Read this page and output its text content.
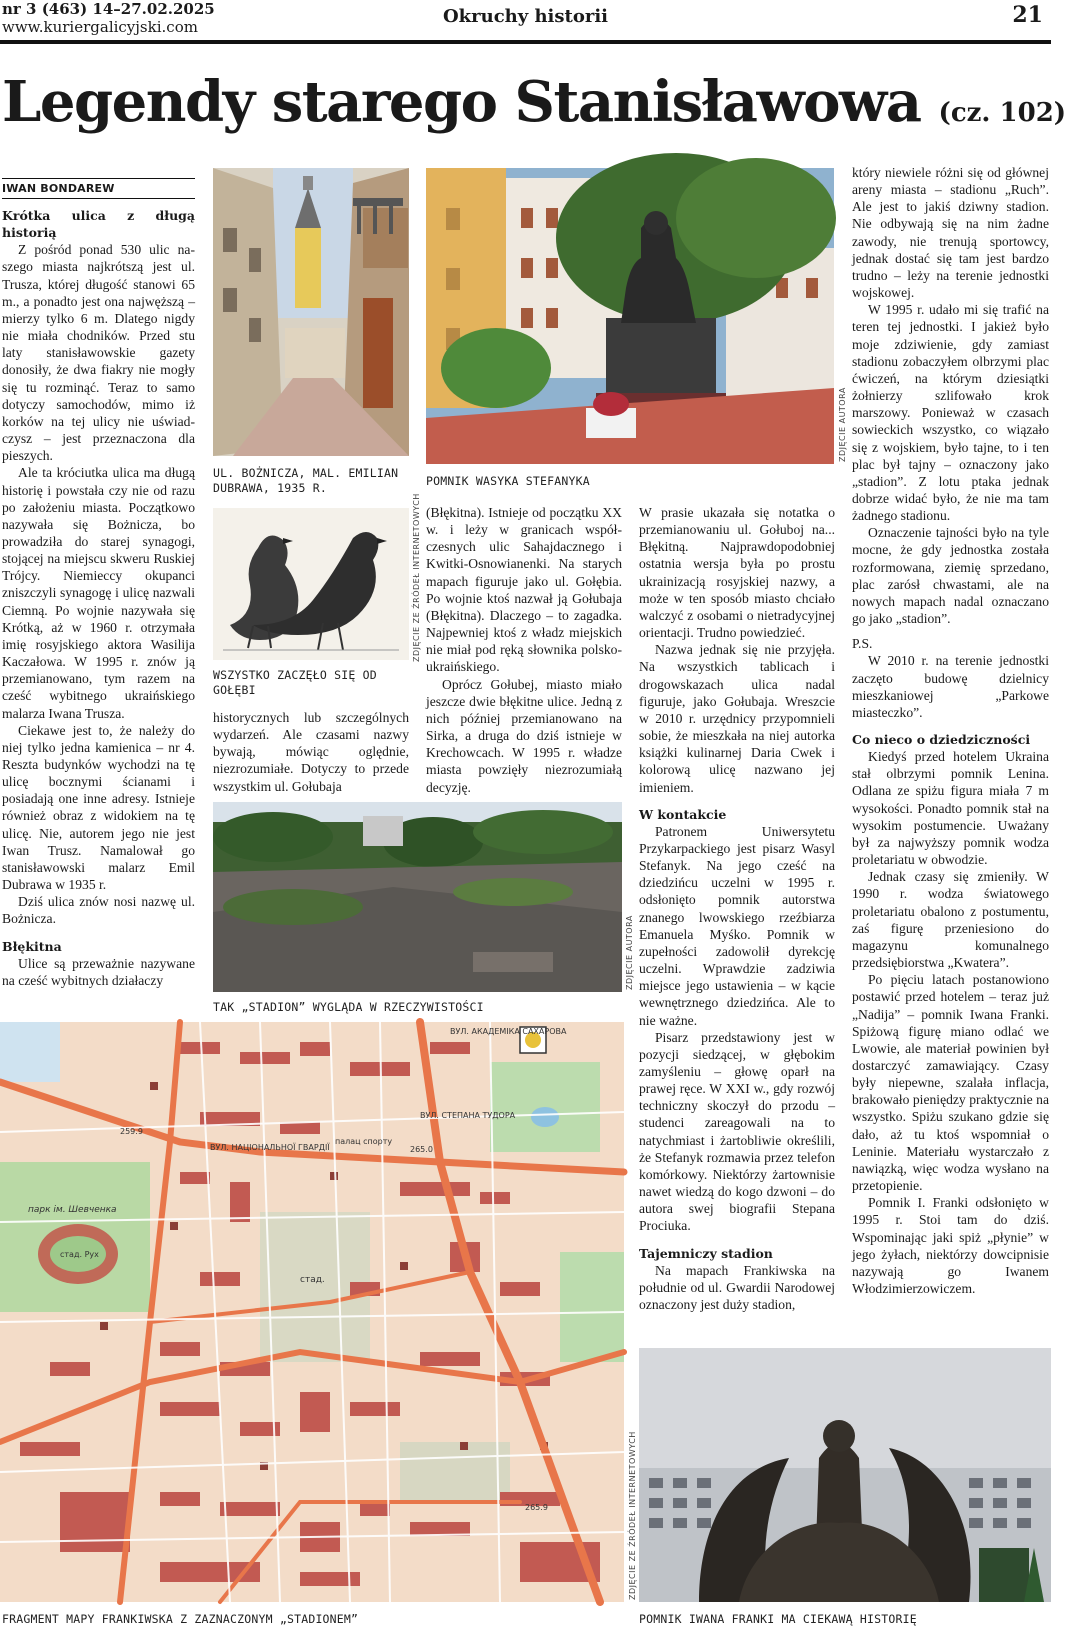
nr 3 (463) 14–27.02.2025
www.kuriergalicyjski.com	Okruchy historii	21
Legendy starego Stanisławowa (cz. 102)
IWAN BONDAREW
Krótka ulica z długą historią

Z pośród ponad 530 ulic naszego miasta najkrótszą jest ul. Trusza, której długość stanowi 65 m., a ponadto jest ona najwęższą – mierzy tylko 6 m. Dlatego nigdy nie miała chodników. Przed stu laty stanisławowskie gazety donosiły, że dwa fiakry nie mogły się tu rozminąć. Teraz to samo dotyczy samochodów, mimo iż korków na tej ulicy nie uświadczysz – jest przeznaczona dla pieszych.

Ale ta króciutka ulica ma długą historię i powstała czy nie od razu po założeniu miasta. Początkowo nazywała się Bożnicza, bo prowadziła do starej synagogi, stojącej na miejscu skweru Ruskiej Trójcy. Niemieccy okupanci zniszczyli synagogę i ulicę nazwali Ciemną. Po wojnie nazywała się Krótką, aż w 1960 r. otrzymała imię rosyjskiego aktora Wasilija Kaczałowa. W 1995 r. znów ją przemianowano, tym razem na cześć wybitnego ukraińskiego malarza Iwana Trusza.

Ciekawe jest to, że należy do niej tylko jedna kamienica – nr 4. Reszta budynków wychodzi na tę ulicę bocznymi ścianami i posiadają one inne adresy. Istnieje również obraz z widokiem na tę ulicę. Nie, autorem jego nie jest Iwan Trusz. Namalował go stanisławowski malarz Emil Dubrawa w 1935 r.

Dziś ulica znów nosi nazwę ul. Bożnicza.

Błękitna

Ulice są przeważnie nazywane na cześć wybitnych działaczy

UL. BOŻNICZA, MAL. EMILIAN DUBRAWA, 1935 R.
ZDJĘCIE AUTORA
POMNIK WASYKA STEFANYKA
ZDJĘCIE ZE ŹRÓDEŁ INTERNETOWYCH
WSZYSTKO ZACZĘŁO SIĘ OD GOŁĘBI

historycznych lub szczególnych wydarzeń. Ale czasami nazwy bywają, mówiąc oględnie, niezrozumiałe. Dotyczy to przede wszystkim ul. Gołubaja

(Błękitna). Istnieje od początku XX w. i leży w granicach współczesnych ulic Sahajdacznego i Kwitki-Osnowianenki. Na starych mapach figuruje jako ul. Gołębia. Po wojnie ktoś nazwał ją Gołubaja (Błękitna). Dlaczego – to zagadka. Najpewniej ktoś z władz miejskich nie miał pod ręką słownika polsko-ukraińskiego.

Oprócz Gołubej, miasto miało jeszcze dwie błękitne ulice. Jedną z nich później przemianowano na Sirka, a druga do dziś istnieje w Krechowcach. W 1995 r. władze miasta powzięły niezrozumiałą decyzję.

ZDJĘCIE AUTORA
TAK „STADION” WYGLĄDA W RZECZYWISTOŚCI

W prasie ukazała się notatka o przemianowaniu ul. Gołuboj na... Błękitną. Najprawdopodobniej ostatnia wersja była po prostu ukrainizacją rosyjskiej nazwy, a może w ten sposób miasto chciało walczyć z osobami o nietradycyjnej orientacji. Trudno powiedzieć.

Nazwa jednak się nie przyjęła. Na wszystkich tablicach i drogowskazach ulica nadal figuruje, jako Gołubaja. Wreszcie w 2010 r. urzędnicy przypomnieli sobie, że mieszkała na niej autorka książki kulinarnej Daria Cwek i kolorową ulicę nazwano jej imieniem.

W kontakcie

Patronem Uniwersytetu Przykarpackiego jest pisarz Wasyl Stefanyk. Na jego cześć na dziedzińcu uczelni w 1995 r. odsłonięto pomnik autorstwa znanego lwowskiego rzeźbiarza Emanuela Myśko. Pomnik w zupełności zadowolił dyrekcję uczelni. Wprawdzie zadziwia miejsce jego ustawienia – w kącie wewnętrznego dziedzińca. Ale to nie ważne.

Pisarz przedstawiony jest w pozycji siedzącej, w głębokim zamyśleniu – głowę oparł na prawej ręce. W XXI w., gdy rozwój techniczny skoczył do przodu – studenci zareagowali na to natychmiast i żartobliwie określili, że Stefanyk rozmawia przez telefon komórkowy. Niektórzy żartownisie nawet wiedzą do kogo dzwoni – do autora swej biografii Stepana Prociuka.

Tajemniczy stadion

Na mapach Frankiwska na południe od ul. Gwardii Narodowej oznaczony jest duży stadion,

który niewiele różni się od głównej areny miasta – stadionu „Ruch”. Ale jest to jakiś dziwny stadion. Nie odbywają się na nim żadne zawody, nie trenują sportowcy, jednak dostać się tam jest bardzo trudno – leży na terenie jednostki wojskowej.

W 1995 r. udało mi się trafić na teren tej jednostki. I jakież było moje zdziwienie, gdy zamiast stadionu zobaczyłem olbrzymi plac ćwiczeń, na którym dziesiątki żołnierzy szlifowało krok marszowy. Ponieważ w czasach sowieckich wszystko, co wiązało się z wojskiem, było tajne, to i ten plac był tajny – oznaczony jako „stadion”. Z lotu ptaka jednak dobrze widać było, że nie ma tam żadnego stadionu.

Oznaczenie tajności było na tyle mocne, że gdy jednostka została rozformowana, ziemię sprzedano, plac zarósł chwastami, ale na nowych mapach nadal oznaczano go jako „stadion”.

P.S.

W 2010 r. na terenie jednostki zaczęto budowę dzielnicy mieszkaniowej „Parkowe miasteczko”.

Co nieco o dziedziczności

Kiedyś przed hotelem Ukraina stał olbrzymi pomnik Lenina. Odlana ze spiżu figura miała 7 m wysokości. Ponadto pomnik stał na wysokim postumencie. Uważany był za najwyższy pomnik wodza proletariatu w obwodzie.

Jednak czasy się zmieniły. W 1990 r. wodza światowego proletariatu obalono z postumentu, zaś figurę przeniesiono do magazynu komunalnego przedsiębiorstwa „Kwatera”.

Po pięciu latach postanowiono postawić przed hotelem – teraz już „Nadija” – pomnik Iwana Franki. Spiżową figurę miano odlać we Lwowie, ale materiał powinien był dostarczyć zamawiający. Czasy były niepewne, szalała inflacja, brakowało pieniędzy praktycznie na wszystko. Spiżu szukano gdzie się dało, aż tu ktoś wspomniał o Leninie. Materiału wystarczało z nawiązką, więc wodza wysłano na przetopienie.

Pomnik I. Franki odsłonięto w 1995 r. Stoi tam do dziś. Wspominając jaki spiż „płynie” w jego żyłach, niektórzy dowcipnisie nazywają go Iwanem Włodzimierzowiczem.

ВУЛ. АКАДЕМІКА САХАРОВА
ВУЛ. СТЕПАНА ТУДОРА
ВУЛ. НАЦІОНАЛЬНОЇ ГВАРДІЇ
парк ім. Шевченка
стад. Рух
стад.
палац спорту
259.9
265.0
265.9	ZDJĘCIE ZE ŹRÓDEŁ INTERNETOWYCH
FRAGMENT MAPY FRANKIWSKA Z ZAZNACZONYM „STADIONEM”	POMNIK IWANA FRANKI MA CIEKAWĄ HISTORIĘ
